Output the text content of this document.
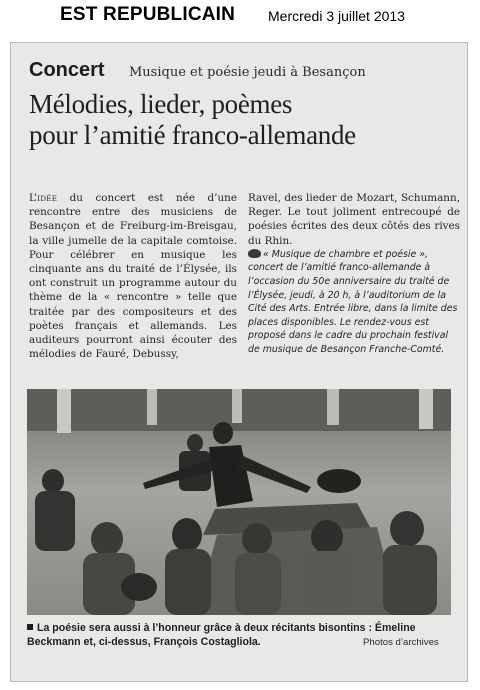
EST REPUBLICAIN Mercredi 3 juillet 2013
Concert Musique et poésie jeudi à Besançon
Mélodies, lieder, poèmes
pour l’amitié franco-allemande

L’idée du concert est née d’une rencontre entre des musiciens de Besançon et de Freiburg-im-Breisgau, la ville jumelle de la capitale comtoise. Pour célébrer en musique les cinquante ans du traité de l’Élysée, ils ont construit un programme autour du thème de la « rencontre » telle que traitée par des compositeurs et des poètes français et allemands. Les auditeurs pourront ainsi écouter des mélodies de Fauré, Debussy,

Ravel, des lieder de Mozart, Schumann, Reger. Le tout joliment entrecoupé de poésies écrites des deux côtés des rives du Rhin.

« Musique de chambre et poésie », concert de l’amitié franco-allemande à l’occasion du 50e anniversaire du traité de l’Élysée, jeudi, à 20 h, à l’auditorium de la Cité des Arts. Entrée libre, dans la limite des places disponibles. Le rendez-vous est proposé dans le cadre du prochain festival de musique de Besançon Franche-Comté.

La poésie sera aussi à l’honneur grâce à deux récitants bisontins : Émeline Beckmann et, ci-dessus, François Costagliola.	Photos d’archives
